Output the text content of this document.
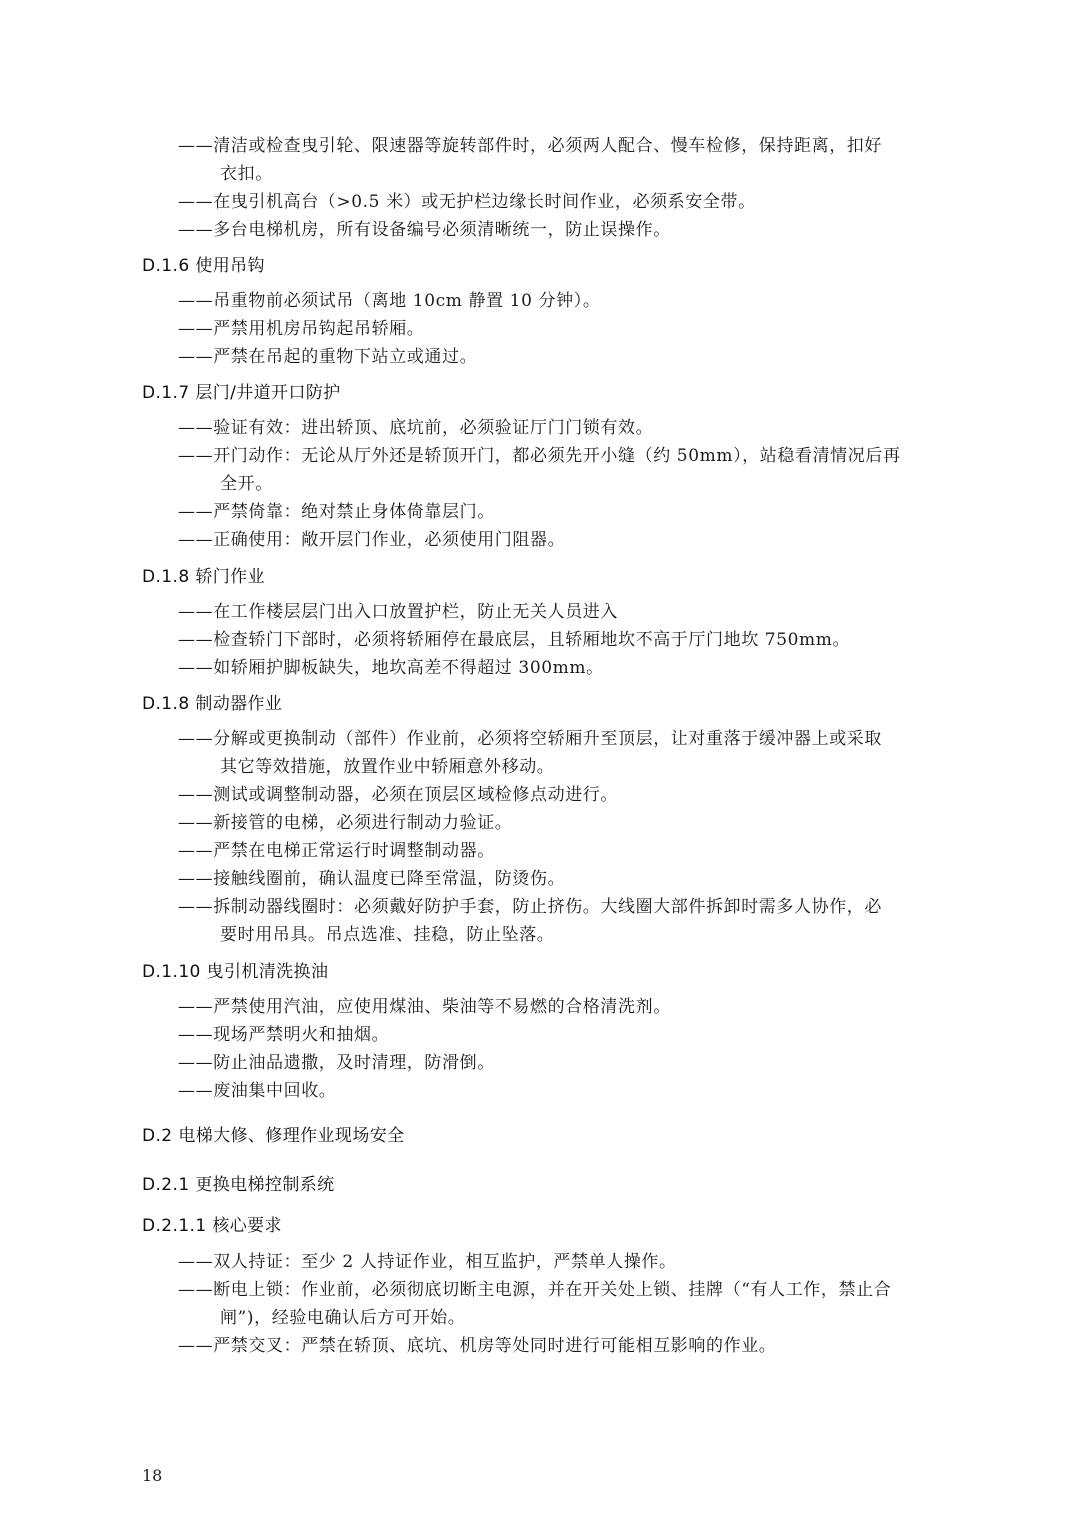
——清洁或检查曳引轮、限速器等旋转部件时，必须两人配合、慢车检修，保持距离，扣好
衣扣。
——在曳引机高台（>0.5 米）或无护栏边缘长时间作业，必须系安全带。
——多台电梯机房，所有设备编号必须清晰统一，防止误操作。
D.1.6 使用吊钩
——吊重物前必须试吊（离地 10cm 静置 10 分钟）。
——严禁用机房吊钩起吊轿厢。
——严禁在吊起的重物下站立或通过。
D.1.7 层门/井道开口防护
——验证有效：进出轿顶、底坑前，必须验证厅门门锁有效。
——开门动作：无论从厅外还是轿顶开门，都必须先开小缝（约 50mm），站稳看清情况后再
全开。
——严禁倚靠：绝对禁止身体倚靠层门。
——正确使用：敞开层门作业，必须使用门阻器。
D.1.8 轿门作业
——在工作楼层层门出入口放置护栏，防止无关人员进入
——检查轿门下部时，必须将轿厢停在最底层，且轿厢地坎不高于厅门地坎 750mm。
——如轿厢护脚板缺失，地坎高差不得超过 300mm。
D.1.8 制动器作业
——分解或更换制动（部件）作业前，必须将空轿厢升至顶层，让对重落于缓冲器上或采取
其它等效措施，放置作业中轿厢意外移动。
——测试或调整制动器，必须在顶层区域检修点动进行。
——新接管的电梯，必须进行制动力验证。
——严禁在电梯正常运行时调整制动器。
——接触线圈前，确认温度已降至常温，防烫伤。
——拆制动器线圈时：必须戴好防护手套，防止挤伤。大线圈大部件拆卸时需多人协作，必
要时用吊具。吊点选准、挂稳，防止坠落。
D.1.10 曳引机清洗换油
——严禁使用汽油，应使用煤油、柴油等不易燃的合格清洗剂。
——现场严禁明火和抽烟。
——防止油品遗撒，及时清理，防滑倒。
——废油集中回收。
D.2 电梯大修、修理作业现场安全
D.2.1 更换电梯控制系统
D.2.1.1 核心要求
——双人持证：至少 2 人持证作业，相互监护，严禁单人操作。
——断电上锁：作业前，必须彻底切断主电源，并在开关处上锁、挂牌（“有人工作，禁止合
闸”)，经验电确认后方可开始。
——严禁交叉：严禁在轿顶、底坑、机房等处同时进行可能相互影响的作业。
18
